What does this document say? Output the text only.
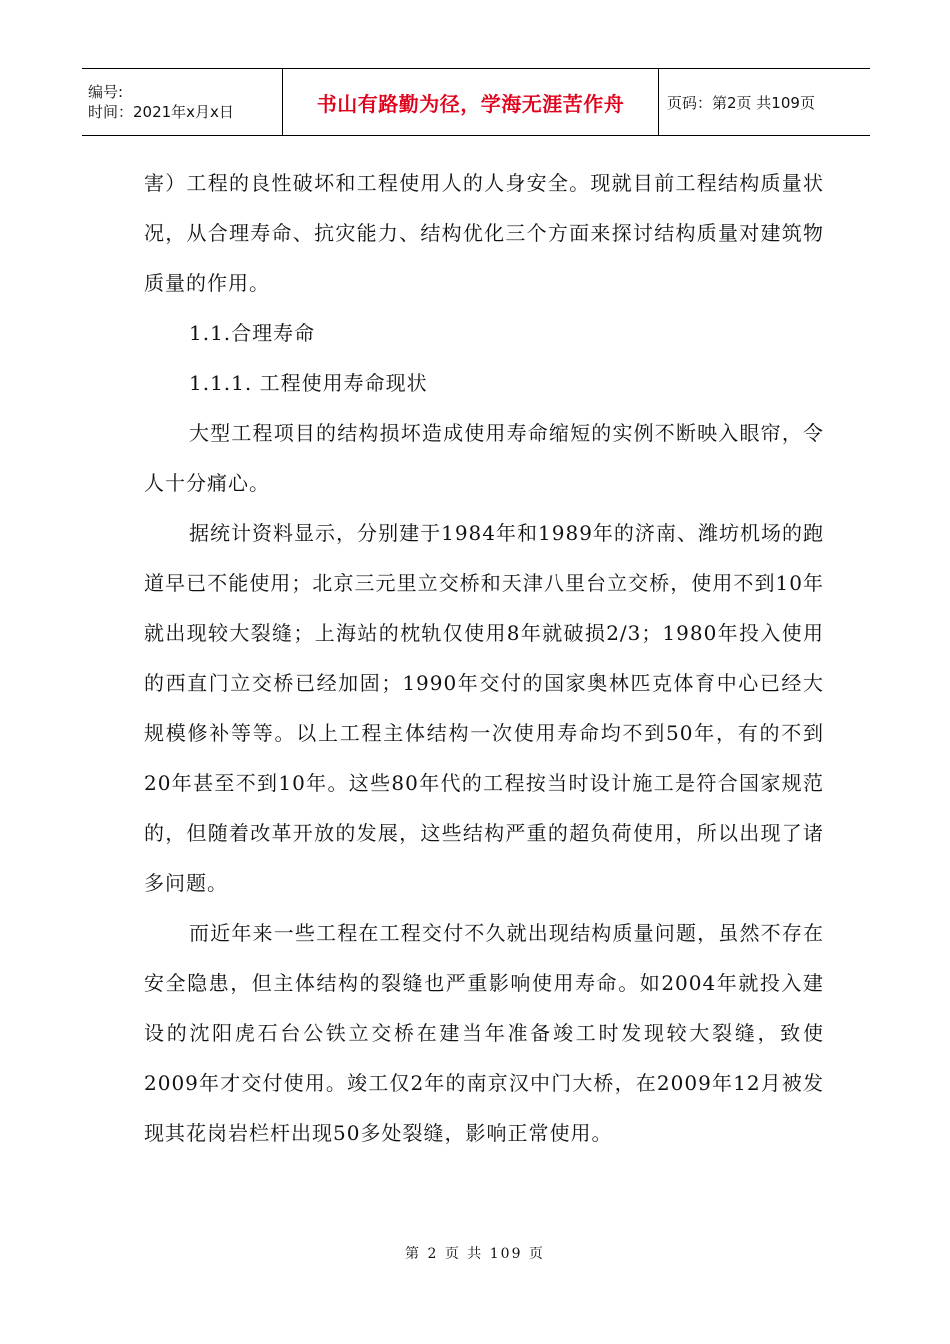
编号:
时间：2021年x月x日	书山有路勤为径，学海无涯苦作舟	页码：第2页 共109页

害）工程的良性破坏和工程使用人的人身安全。现就目前工程结构质量状况，从合理寿命、抗灾能力、结构优化三个方面来探讨结构质量对建筑物质量的作用。

1.1.合理寿命

1.1.1. 工程使用寿命现状

大型工程项目的结构损坏造成使用寿命缩短的实例不断映入眼帘，令人十分痛心。

据统计资料显示，分别建于1984年和1989年的济南、潍坊机场的跑道早已不能使用；北京三元里立交桥和天津八里台立交桥，使用不到10年就出现较大裂缝；上海站的枕轨仅使用8年就破损2/3；1980年投入使用的西直门立交桥已经加固；1990年交付的国家奥林匹克体育中心已经大规模修补等等。以上工程主体结构一次使用寿命均不到50年，有的不到20年甚至不到10年。这些80年代的工程按当时设计施工是符合国家规范的，但随着改革开放的发展，这些结构严重的超负荷使用，所以出现了诸多问题。

而近年来一些工程在工程交付不久就出现结构质量问题，虽然不存在安全隐患，但主体结构的裂缝也严重影响使用寿命。如2004年就投入建设的沈阳虎石台公铁立交桥在建当年准备竣工时发现较大裂缝，致使2009年才交付使用。竣工仅2年的南京汉中门大桥，在2009年12月被发现其花岗岩栏杆出现50多处裂缝，影响正常使用。

第 2 页 共 109 页
